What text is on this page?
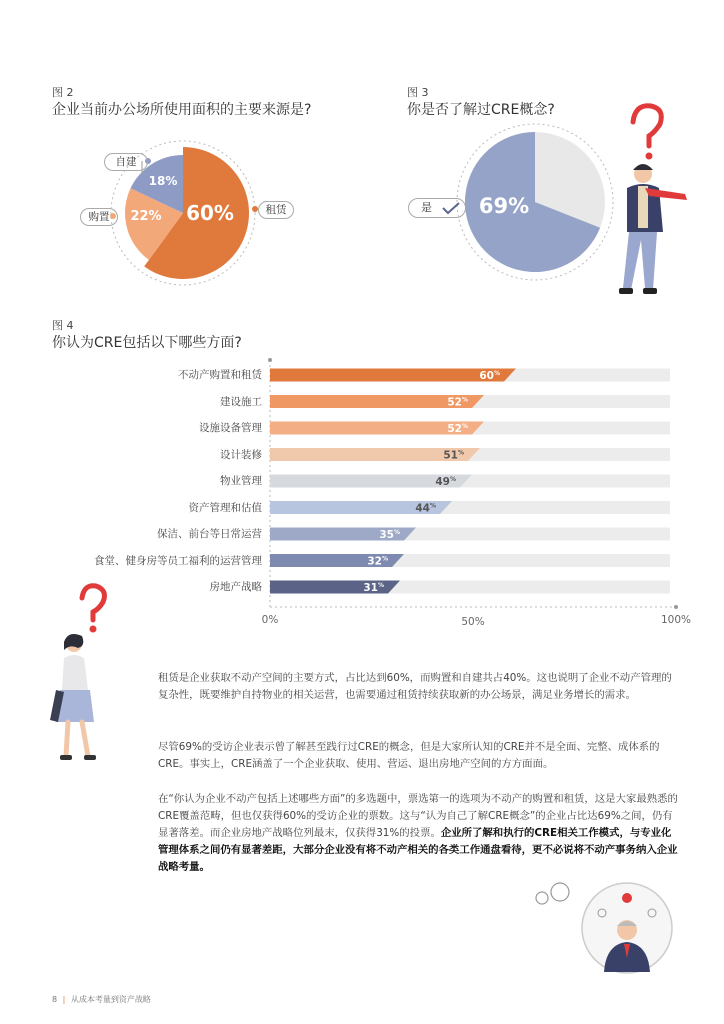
图 2
企业当前办公场所使用面积的主要来源是?
60%
22%
18%
自建
购置
租赁
图 3
你是否了解过CRE概念?
69%
是
图 4
你认为CRE包括以下哪些方面?
不动产购置和租赁
建设施工
设施设备管理
设计装修
物业管理
资产管理和估值
保洁、前台等日常运营
食堂、健身房等员工福利的运营管理
房地产战略
60%
52%
52%
51%
49%
44%
35%
32%
31%
0%	50%	100%

租赁是企业获取不动产空间的主要方式，占比达到60%，而购置和自建共占40%。这也说明了企业不动产管理的复杂性，既要维护自持物业的相关运营，也需要通过租赁持续获取新的办公场景，满足业务增长的需求。

尽管69%的受访企业表示曾了解甚至践行过CRE的概念，但是大家所认知的CRE并不是全面、完整、成体系的CRE。事实上，CRE涵盖了一个企业获取、使用、营运、退出房地产空间的方方面面。

在“你认为企业不动产包括上述哪些方面”的多选题中，票选第一的选项为不动产的购置和租赁，这是大家最熟悉的CRE覆盖范畴，但也仅获得60%的受访企业的票数。这与“认为自己了解CRE概念”的企业占比达69%之间，仍有显著落差。而企业房地产战略位列最末，仅获得31%的投票。企业所了解和执行的CRE相关工作模式，与专业化管理体系之间仍有显著差距，大部分企业没有将不动产相关的各类工作通盘看待，更不必说将不动产事务纳入企业战略考量。

8 | 从成本考量到资产战略
